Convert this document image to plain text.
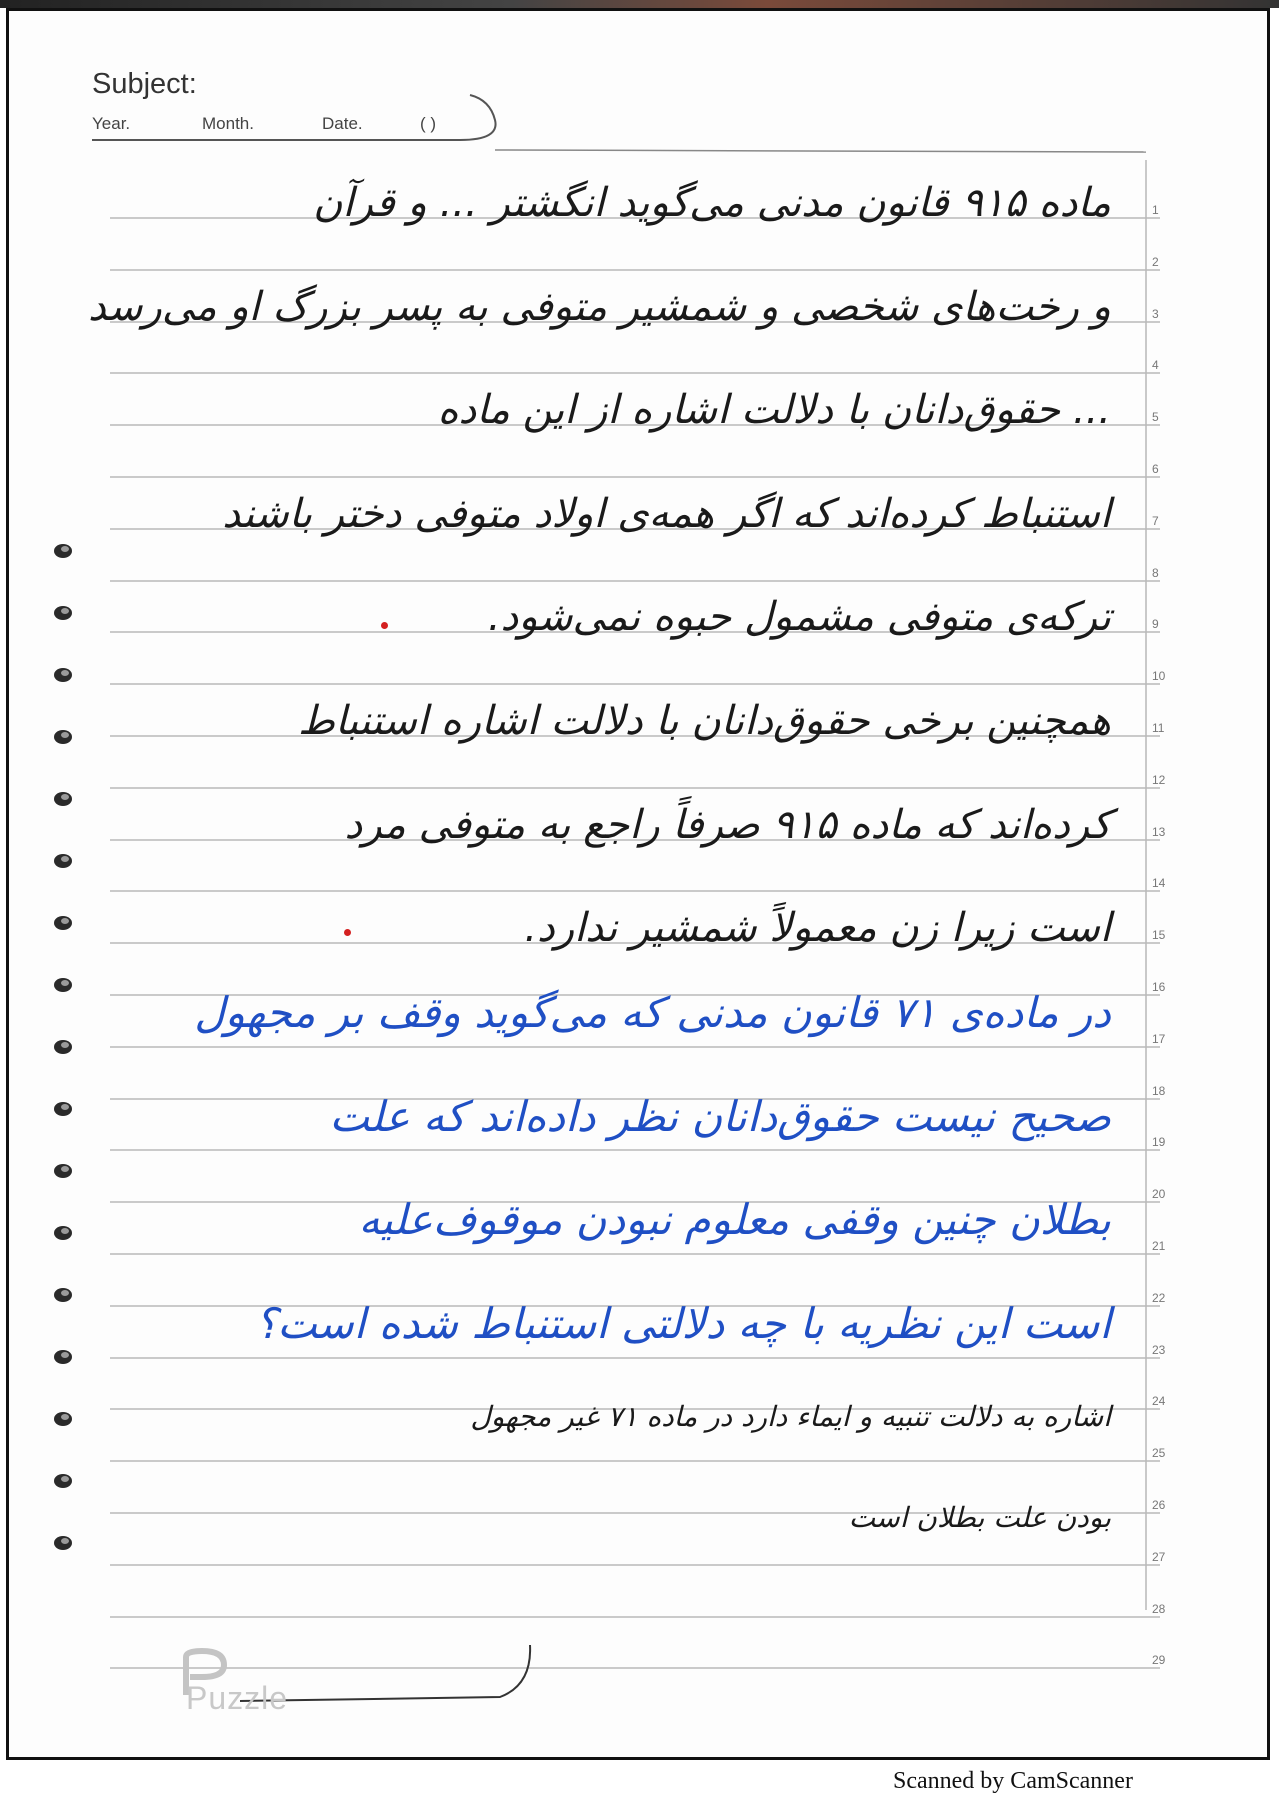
Subject:
Year.	Month.	Date.	( )
1
2
3
4
5
6
7
8
9
10
11
12
13
14
15
16
17
18
19
20
21
22
23
24
25
26
27
28
29
ماده ۹۱۵ قانون مدنی می‌گوید انگشتر ... و قرآن
و رخت‌های شخصی و شمشیر متوفی به پسر بزرگ او می‌رسد
... حقوق‌دانان با دلالت اشاره از این ماده
استنباط کرده‌اند که اگر همه‌ی اولاد متوفی دختر باشند
ترکه‌ی متوفی مشمول حبوه نمی‌شود.
همچنین برخی حقوق‌دانان با دلالت اشاره استنباط
کرده‌اند که ماده ۹۱۵ صرفاً راجع به متوفی مرد
است زیرا زن معمولاً شمشیر ندارد.
در ماده‌ی ۷۱ قانون مدنی که می‌گوید وقف بر مجهول
صحیح نیست حقوق‌دانان نظر داده‌اند که علت
بطلان چنین وقفی معلوم نبودن موقوف‌علیه
است این نظریه با چه دلالتی استنباط شده است؟
اشاره به دلالت تنبیه و ایماء دارد در ماده ۷۱ غیر مجهول
بودن علت بطلان است
Puzzle
Scanned by CamScanner
